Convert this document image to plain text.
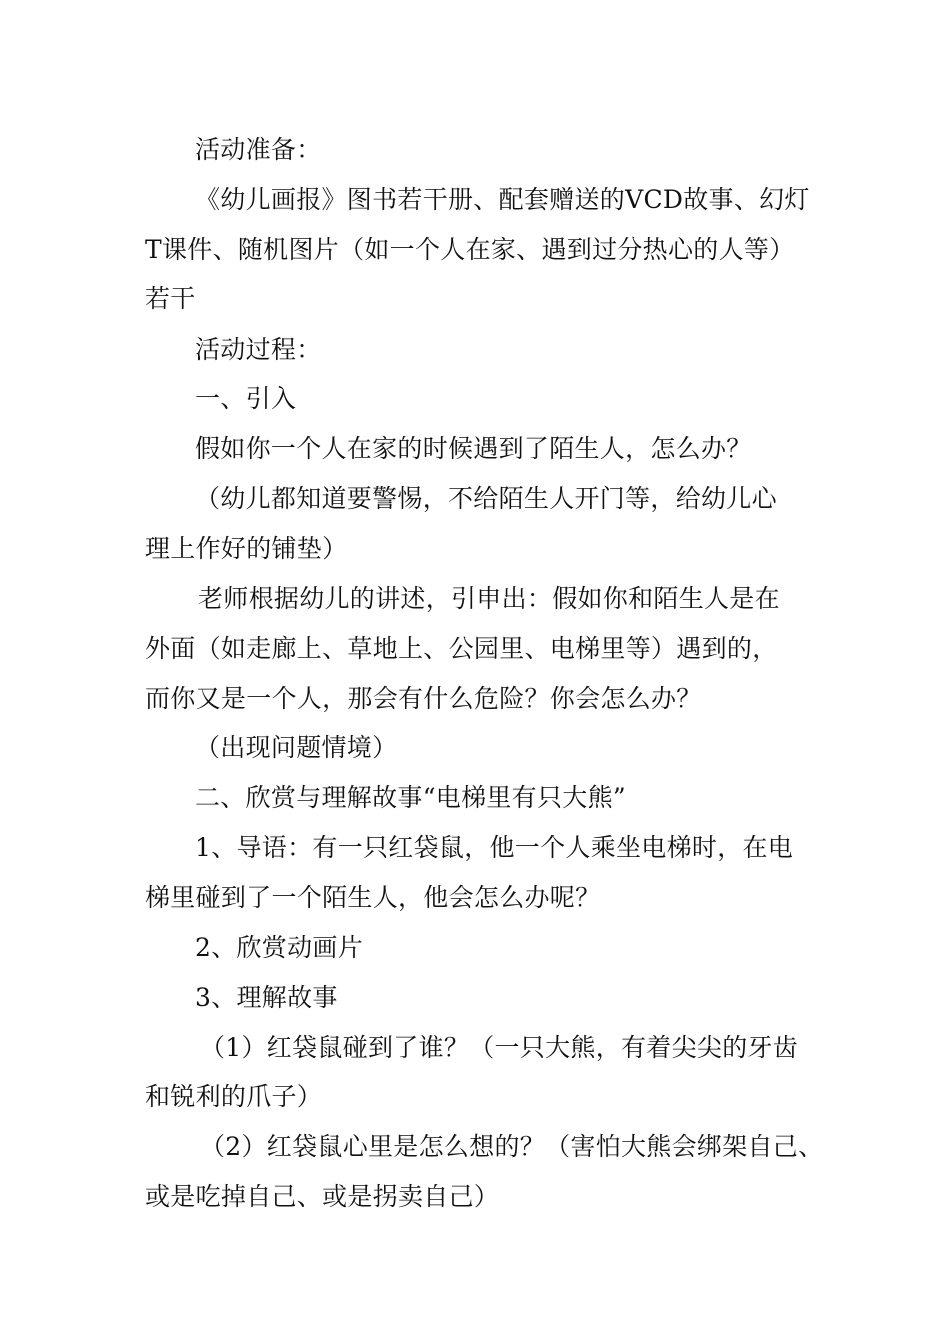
活动准备：
《幼儿画报》图书若干册、配套赠送的VCD故事、幻灯
T课件、随机图片（如一个人在家、遇到过分热心的人等）
若干
活动过程：
一、引入
假如你一个人在家的时候遇到了陌生人，怎么办？
（幼儿都知道要警惕，不给陌生人开门等，给幼儿心
理上作好的铺垫）
老师根据幼儿的讲述，引申出：假如你和陌生人是在
外面（如走廊上、草地上、公园里、电梯里等）遇到的，
而你又是一个人，那会有什么危险？你会怎么办？
（出现问题情境）
二、欣赏与理解故事“电梯里有只大熊”
1、导语：有一只红袋鼠，他一个人乘坐电梯时，在电
梯里碰到了一个陌生人，他会怎么办呢？
2、欣赏动画片
3、理解故事
（1）红袋鼠碰到了谁？（一只大熊，有着尖尖的牙齿
和锐利的爪子）
（2）红袋鼠心里是怎么想的？（害怕大熊会绑架自己、
或是吃掉自己、或是拐卖自己）
